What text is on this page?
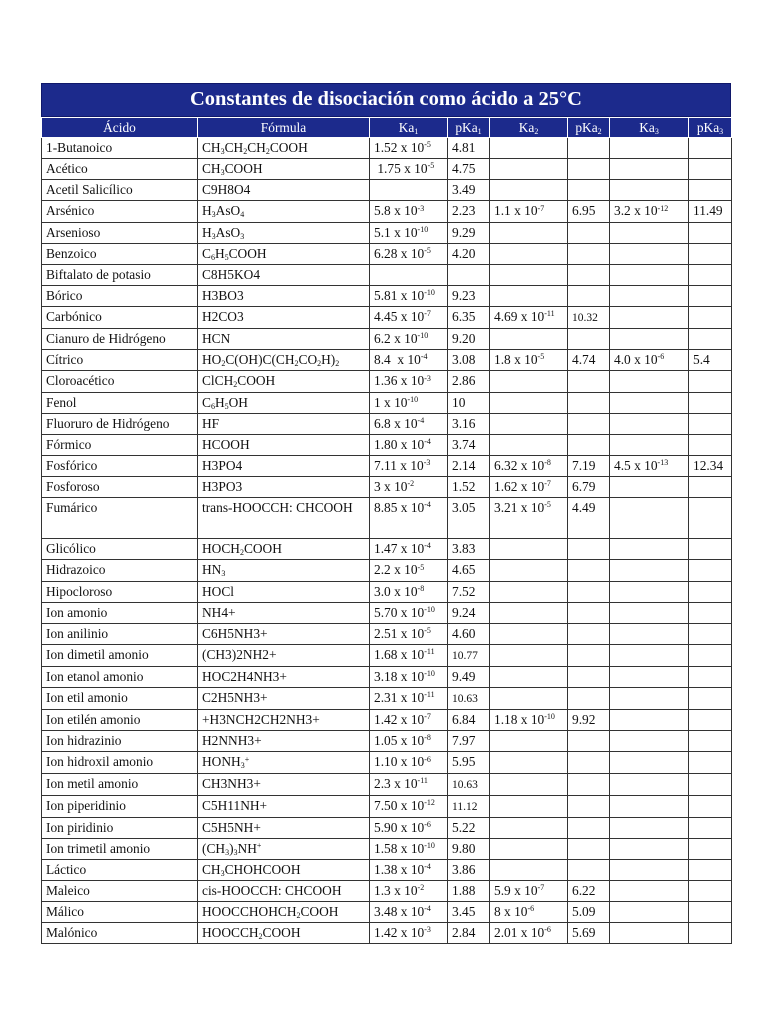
Constantes de disociación como ácido a 25°C
Ácido	Fórmula	$Ka_1$	pKa$_1$	$Ka_2$	pKa$_2$	$Ka_3$	pKa$_3$
1-Butanoico	$CH_3CH_2CH_2COOH$	1.52 x $10^{-5}$	4.81				
Acético	$CH_3COOH$	1.75 x $10^{-5}$	4.75				
Acetil Salicílico	C9H8O4		3.49				
Arsénico	$H_3AsO_4$	5.8 x $10^{-3}$	2.23	1.1 x $10^{-7}$	6.95	3.2 x $10^{-12}$	11.49
Arsenioso	$H_3AsO_3$	5.1 x $10^{-10}$	9.29				
Benzoico	$C_6H_5COOH$	6.28 x $10^{-5}$	4.20				
Biftalato de potasio	C8H5KO4						
Bórico	H3BO3	5.81 x $10^{-10}$	9.23				
Carbónico	H2CO3	4.45 x $10^{-7}$	6.35	4.69 x $10^{-11}$	10.32		
Cianuro de Hidrógeno	HCN	6.2 x $10^{-10}$	9.20				
Cítrico	$HO_2C(OH)C(CH_2CO_2H)_2$	8.4  x $10^{-4}$	3.08	1.8 x $10^{-5}$	4.74	4.0 x $10^{-6}$	5.4
Cloroacético	ClCH$_2$COOH	1.36 x $10^{-3}$	2.86				
Fenol	$C_6H_5OH$	1 x $10^{-10}$	10				
Fluoruro de Hidrógeno	HF	6.8 x $10^{-4}$	3.16				
Fórmico	HCOOH	1.80 x $10^{-4}$	3.74				
Fosfórico	H3PO4	7.11 x $10^{-3}$	2.14	6.32 x $10^{-8}$	7.19	4.5 x $10^{-13}$	12.34
Fosforoso	H3PO3	3 x $10^{-2}$	1.52	1.62 x $10^{-7}$	6.79		
Fumárico	trans-HOOCCH: CHCOOH	8.85 x $10^{-4}$	3.05	3.21 x $10^{-5}$	4.49		
Glicólico	$HOCH_2COOH$	1.47 x $10^{-4}$	3.83				
Hidrazoico	$HN_3$	2.2 x $10^{-5}$	4.65				
Hipocloroso	HOCl	3.0 x $10^{-8}$	7.52				
Ion amonio	NH4+	5.70 x $10^{-10}$	9.24				
Ion anilinio	C6H5NH3+	2.51 x $10^{-5}$	4.60				
Ion dimetil amonio	(CH3)2NH2+	1.68 x $10^{-11}$	10.77				
Ion etanol amonio	HOC2H4NH3+	3.18 x $10^{-10}$	9.49				
Ion etil amonio	C2H5NH3+	2.31 x $10^{-11}$	10.63				
Ion etilén amonio	+H3NCH2CH2NH3+	1.42 x $10^{-7}$	6.84	1.18 x $10^{-10}$	9.92		
Ion hidrazinio	H2NNH3+	1.05 x $10^{-8}$	7.97				
Ion hidroxil amonio	$HONH_3^+$	1.10 x $10^{-6}$	5.95				
Ion metil amonio	CH3NH3+	2.3 x $10^{-11}$	10.63				
Ion piperidinio	C5H11NH+	7.50 x $10^{-12}$	11.12				
Ion piridinio	C5H5NH+	5.90 x $10^{-6}$	5.22				
Ion trimetil amonio	$(CH_3)_3NH^+$	1.58 x $10^{-10}$	9.80				
Láctico	$CH_3CHOHCOOH$	1.38 x $10^{-4}$	3.86				
Maleico	cis-HOOCCH: CHCOOH	1.3 x $10^{-2}$	1.88	5.9 x $10^{-7}$	6.22		
Málico	$HOOCCHOHCH_2COOH$	3.48 x $10^{-4}$	3.45	8 x $10^{-6}$	5.09		
Malónico	$HOOCCH_2COOH$	1.42 x $10^{-3}$	2.84	2.01 x $10^{-6}$	5.69		
